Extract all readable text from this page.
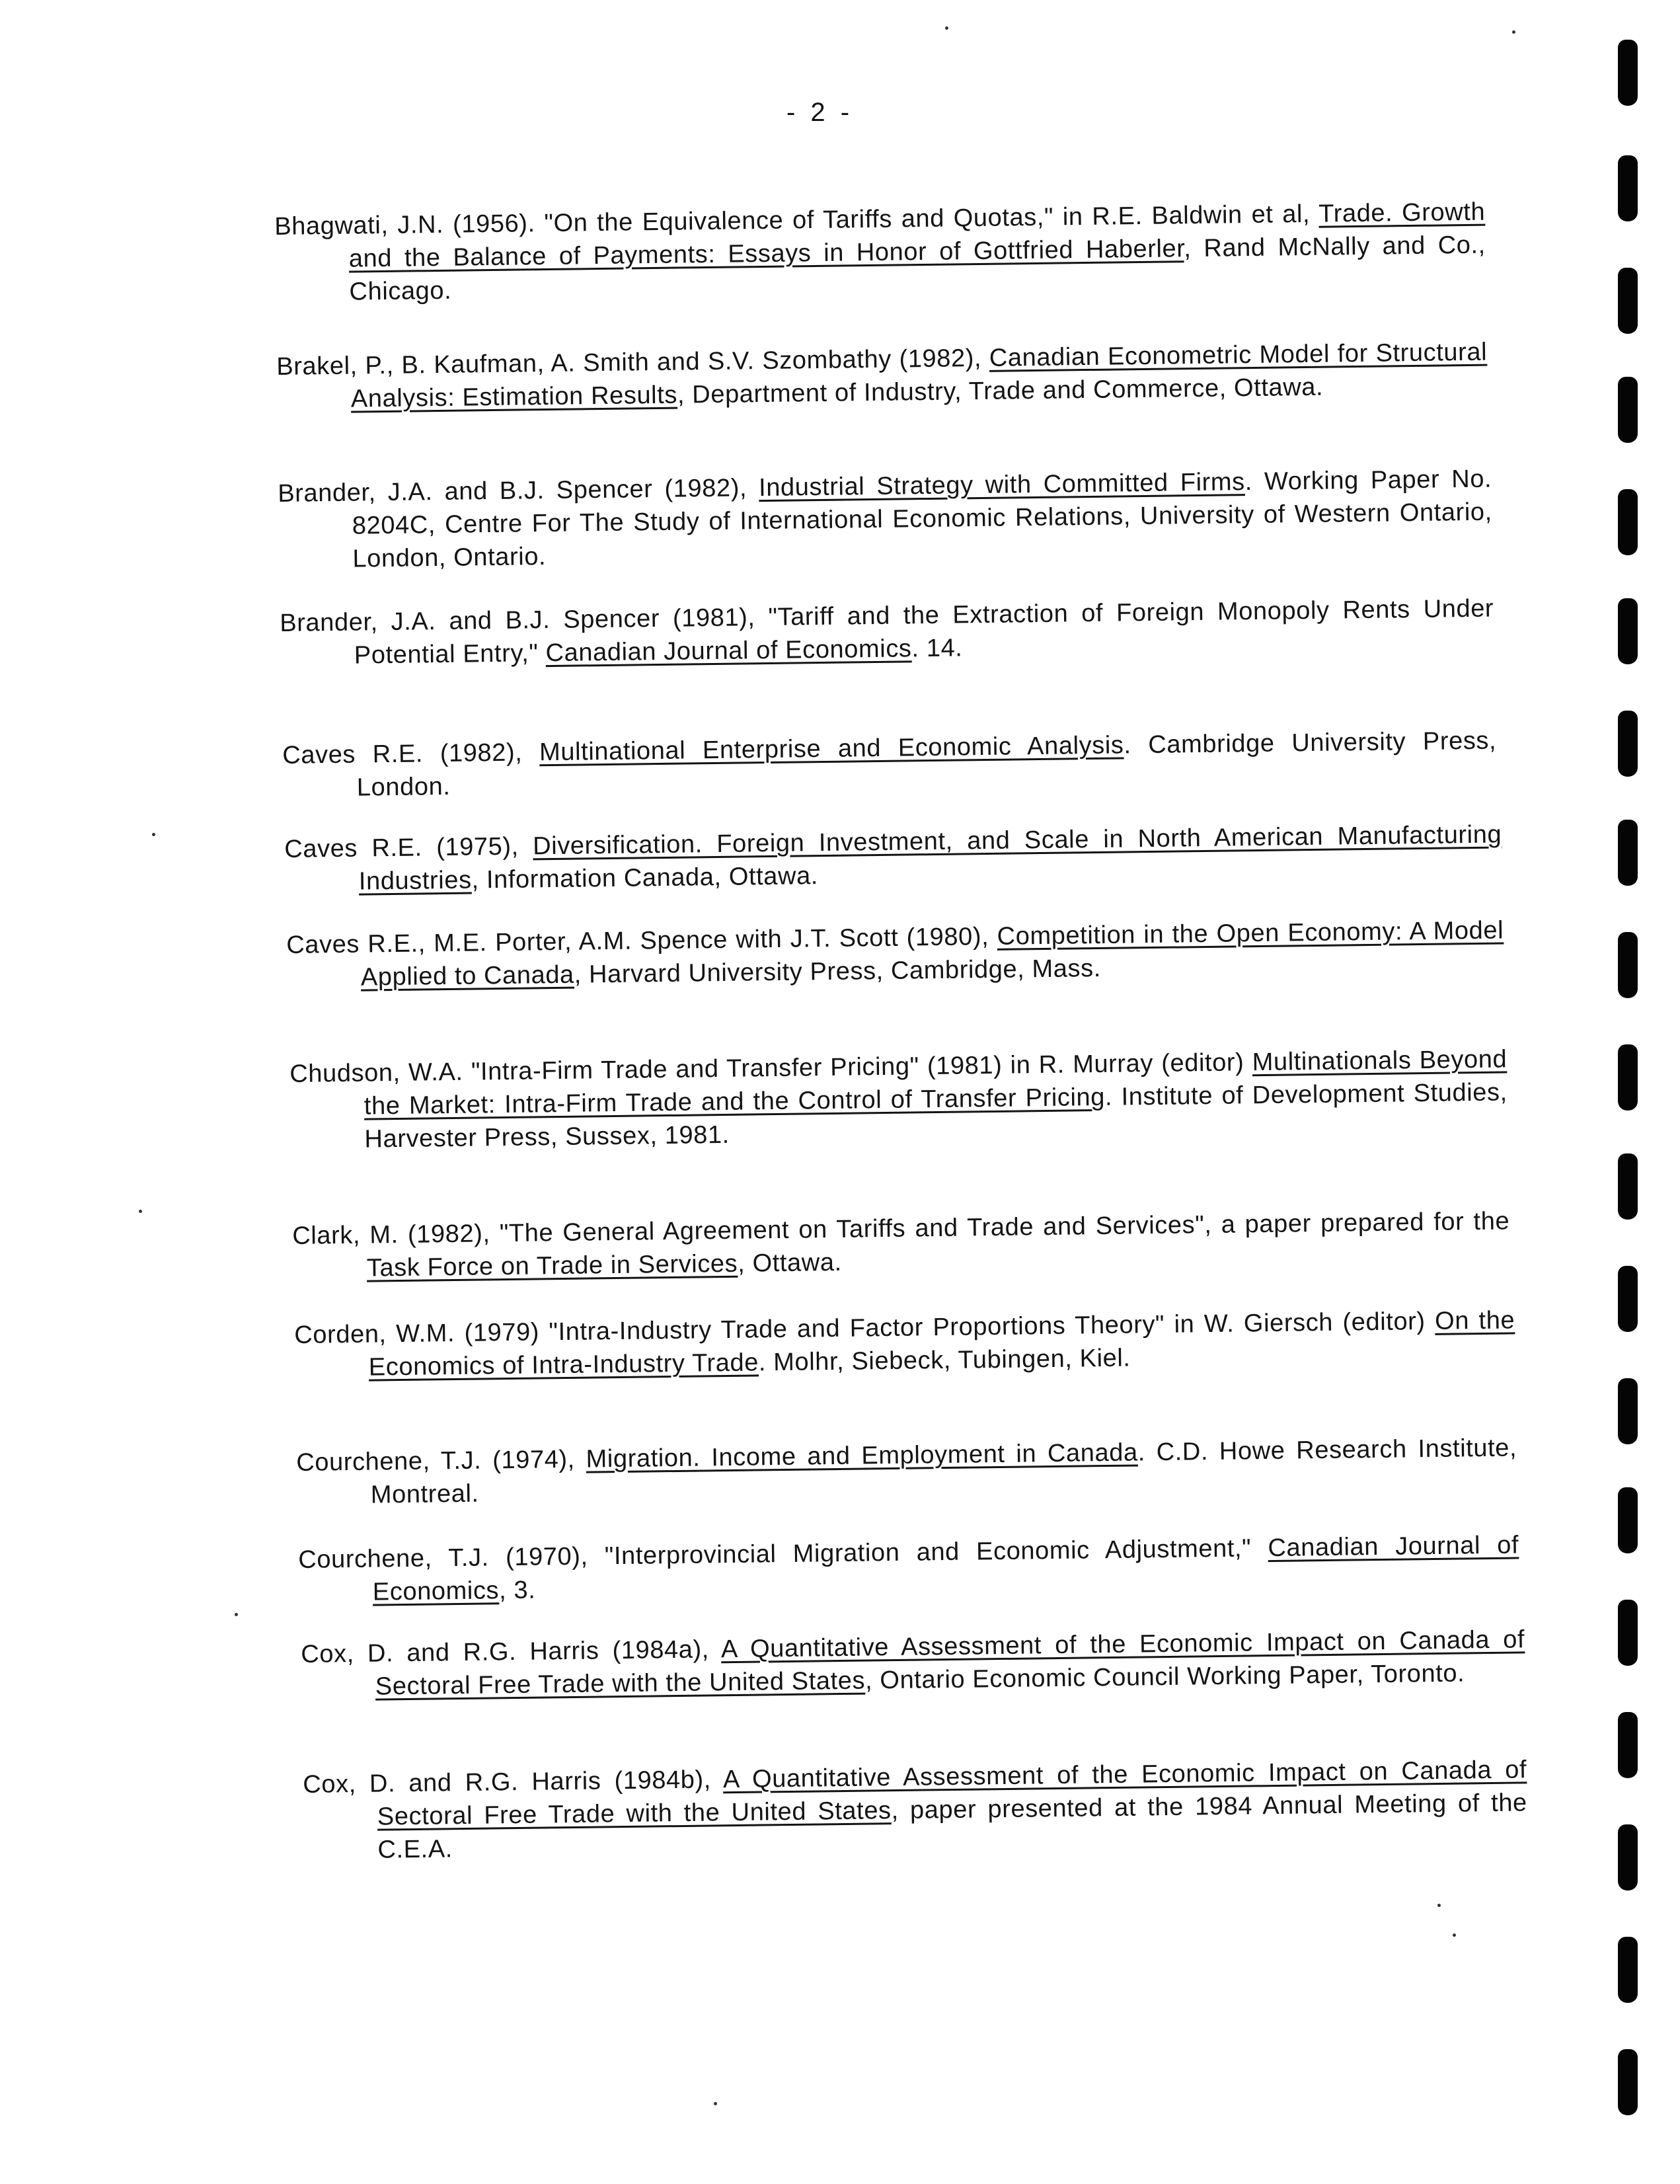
- 2 -

Bhagwati, J.N. (1956). "On the Equivalence of Tariffs and Quotas," in R.E. Baldwin et al, Trade. Growth and the Balance of Payments: Essays in Honor of Gottfried Haberler, Rand McNally and Co., Chicago.

Brakel, P., B. Kaufman, A. Smith and S.V. Szombathy (1982), Canadian Econometric Model for Structural Analysis: Estimation Results, Department of Industry, Trade and Commerce, Ottawa.

Brander, J.A. and B.J. Spencer (1982), Industrial Strategy with Committed Firms. Working Paper No. 8204C, Centre For The Study of International Economic Relations, University of Western Ontario, London, Ontario.

Brander, J.A. and B.J. Spencer (1981), "Tariff and the Extraction of Foreign Monopoly Rents Under Potential Entry," Canadian Journal of Economics. 14.

Caves R.E. (1982), Multinational Enterprise and Economic Analysis. Cambridge University Press, London.

Caves R.E. (1975), Diversification. Foreign Investment, and Scale in North American Manufacturing Industries, Information Canada, Ottawa.

Caves R.E., M.E. Porter, A.M. Spence with J.T. Scott (1980), Competition in the Open Economy: A Model Applied to Canada, Harvard University Press, Cambridge, Mass.

Chudson, W.A. "Intra-Firm Trade and Transfer Pricing" (1981) in R. Murray (editor) Multinationals Beyond the Market: Intra-Firm Trade and the Control of Transfer Pricing. Institute of Development Studies, Harvester Press, Sussex, 1981.

Clark, M. (1982), "The General Agreement on Tariffs and Trade and Services", a paper prepared for the Task Force on Trade in Services, Ottawa.

Corden, W.M. (1979) "Intra-Industry Trade and Factor Proportions Theory" in W. Giersch (editor) On the Economics of Intra-Industry Trade. Molhr, Siebeck, Tubingen, Kiel.

Courchene, T.J. (1974), Migration. Income and Employment in Canada. C.D. Howe Research Institute, Montreal.

Courchene, T.J. (1970), "Interprovincial Migration and Economic Adjustment," Canadian Journal of Economics, 3.

Cox, D. and R.G. Harris (1984a), A Quantitative Assessment of the Economic Impact on Canada of Sectoral Free Trade with the United States, Ontario Economic Council Working Paper, Toronto.

Cox, D. and R.G. Harris (1984b), A Quantitative Assessment of the Economic Impact on Canada of Sectoral Free Trade with the United States, paper presented at the 1984 Annual Meeting of the C.E.A.
